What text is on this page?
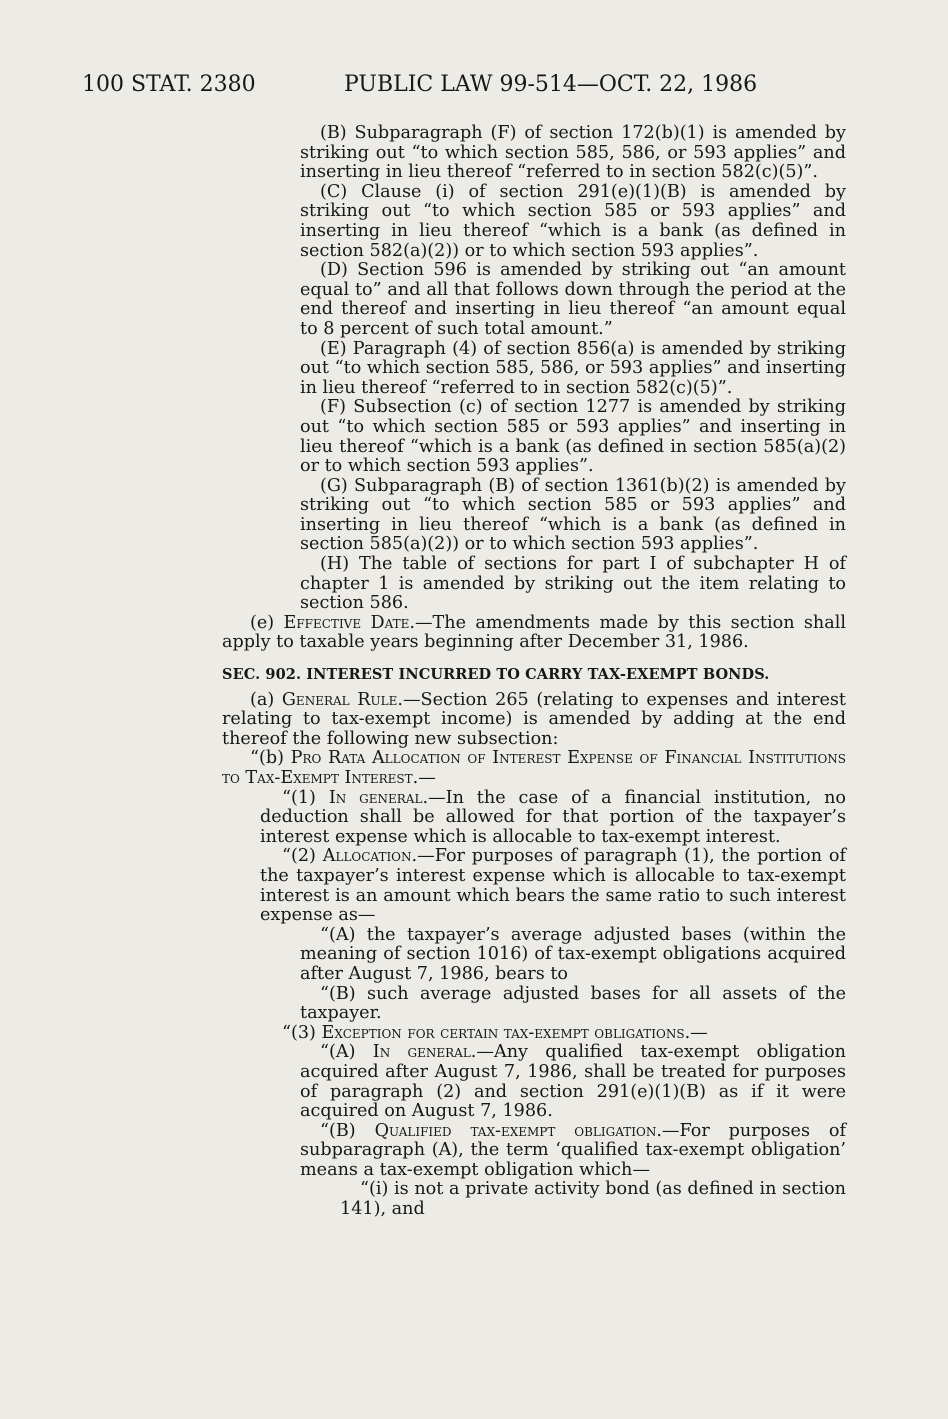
100 STAT. 2380	PUBLIC LAW 99-514—OCT. 22, 1986

(B) Subparagraph (F) of section 172(b)(1) is amended by striking out “to which section 585, 586, or 593 applies” and inserting in lieu thereof “referred to in section 582(c)(5)”.

(C) Clause (i) of section 291(e)(1)(B) is amended by striking out “to which section 585 or 593 applies” and inserting in lieu thereof “which is a bank (as defined in section 582(a)(2)) or to which section 593 applies”.

(D) Section 596 is amended by striking out “an amount equal to” and all that follows down through the period at the end thereof and inserting in lieu thereof “an amount equal to 8 percent of such total amount.”

(E) Paragraph (4) of section 856(a) is amended by striking out “to which section 585, 586, or 593 applies” and inserting in lieu thereof “referred to in section 582(c)(5)”.

(F) Subsection (c) of section 1277 is amended by striking out “to which section 585 or 593 applies” and inserting in lieu thereof “which is a bank (as defined in section 585(a)(2) or to which section 593 applies”.

(G) Subparagraph (B) of section 1361(b)(2) is amended by striking out “to which section 585 or 593 applies” and inserting in lieu thereof “which is a bank (as defined in section 585(a)(2)) or to which section 593 applies”.

(H) The table of sections for part I of subchapter H of chapter 1 is amended by striking out the item relating to section 586.

(e) Effective Date.—The amendments made by this section shall apply to taxable years beginning after December 31, 1986.

SEC. 902. INTEREST INCURRED TO CARRY TAX-EXEMPT BONDS.

(a) General Rule.—Section 265 (relating to expenses and interest relating to tax-exempt income) is amended by adding at the end thereof the following new subsection:

“(b) Pro Rata Allocation of Interest Expense of Financial Institutions to Tax-Exempt Interest.—

“(1) In general.—In the case of a financial institution, no deduction shall be allowed for that portion of the taxpayer’s interest expense which is allocable to tax-exempt interest.

“(2) Allocation.—For purposes of paragraph (1), the portion of the taxpayer’s interest expense which is allocable to tax-exempt interest is an amount which bears the same ratio to such interest expense as—

“(A) the taxpayer’s average adjusted bases (within the meaning of section 1016) of tax-exempt obligations acquired after August 7, 1986, bears to

“(B) such average adjusted bases for all assets of the taxpayer.

“(3) Exception for certain tax-exempt obligations.—

“(A) In general.—Any qualified tax-exempt obligation acquired after August 7, 1986, shall be treated for purposes of paragraph (2) and section 291(e)(1)(B) as if it were acquired on August 7, 1986.

“(B) Qualified tax-exempt obligation.—For purposes of subparagraph (A), the term ‘qualified tax-exempt obligation’ means a tax-exempt obligation which—

“(i) is not a private activity bond (as defined in section 141), and
